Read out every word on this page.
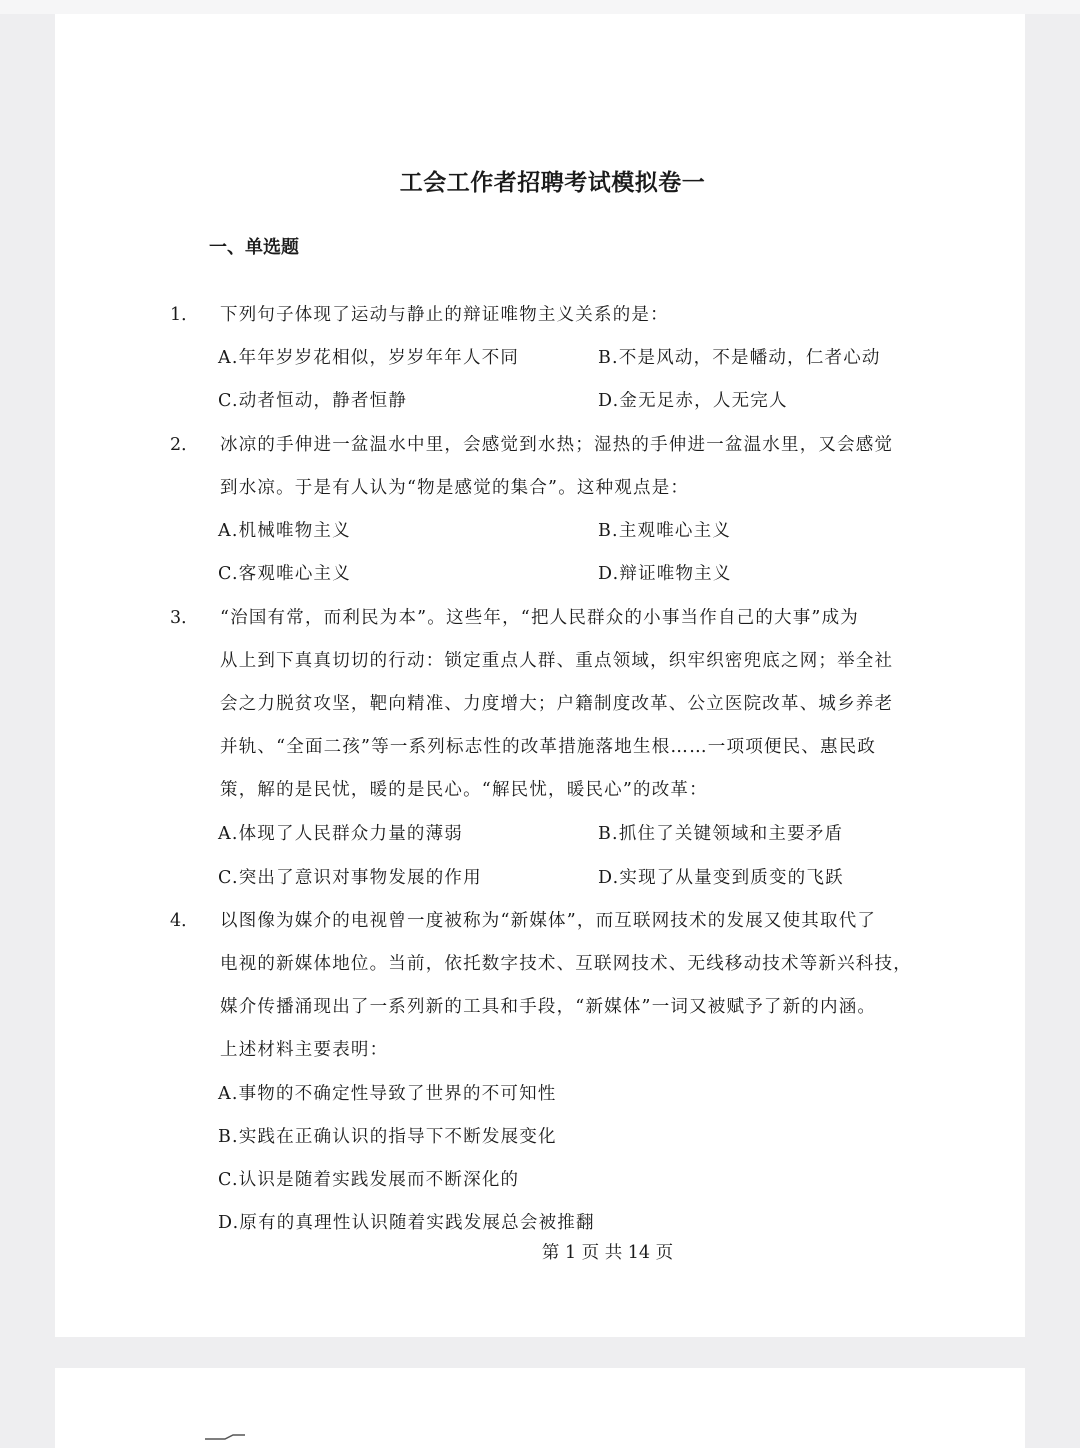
工会工作者招聘考试模拟卷一
一、单选题
1． 下列句子体现了运动与静止的辩证唯物主义关系的是：
A.年年岁岁花相似，岁岁年年人不同	B.不是风动，不是幡动，仁者心动
C.动者恒动，静者恒静	D.金无足赤，人无完人
2． 冰凉的手伸进一盆温水中里，会感觉到水热；湿热的手伸进一盆温水里，又会感觉
到水凉。于是有人认为“物是感觉的集合”。这种观点是：
A.机械唯物主义	B.主观唯心主义
C.客观唯心主义	D.辩证唯物主义
3． “治国有常，而利民为本”。这些年，“把人民群众的小事当作自己的大事”成为
从上到下真真切切的行动：锁定重点人群、重点领域，织牢织密兜底之网；举全社
会之力脱贫攻坚，靶向精准、力度增大；户籍制度改革、公立医院改革、城乡养老
并轨、“全面二孩”等一系列标志性的改革措施落地生根……一项项便民、惠民政
策，解的是民忧，暖的是民心。“解民忧，暖民心”的改革：
A.体现了人民群众力量的薄弱	B.抓住了关键领域和主要矛盾
C.突出了意识对事物发展的作用	D.实现了从量变到质变的飞跃
4． 以图像为媒介的电视曾一度被称为“新媒体”，而互联网技术的发展又使其取代了
电视的新媒体地位。当前，依托数字技术、互联网技术、无线移动技术等新兴科技，
媒介传播涌现出了一系列新的工具和手段，“新媒体”一词又被赋予了新的内涵。
上述材料主要表明：
A.事物的不确定性导致了世界的不可知性
B.实践在正确认识的指导下不断发展变化
C.认识是随着实践发展而不断深化的
D.原有的真理性认识随着实践发展总会被推翻
第 1 页 共 14 页
